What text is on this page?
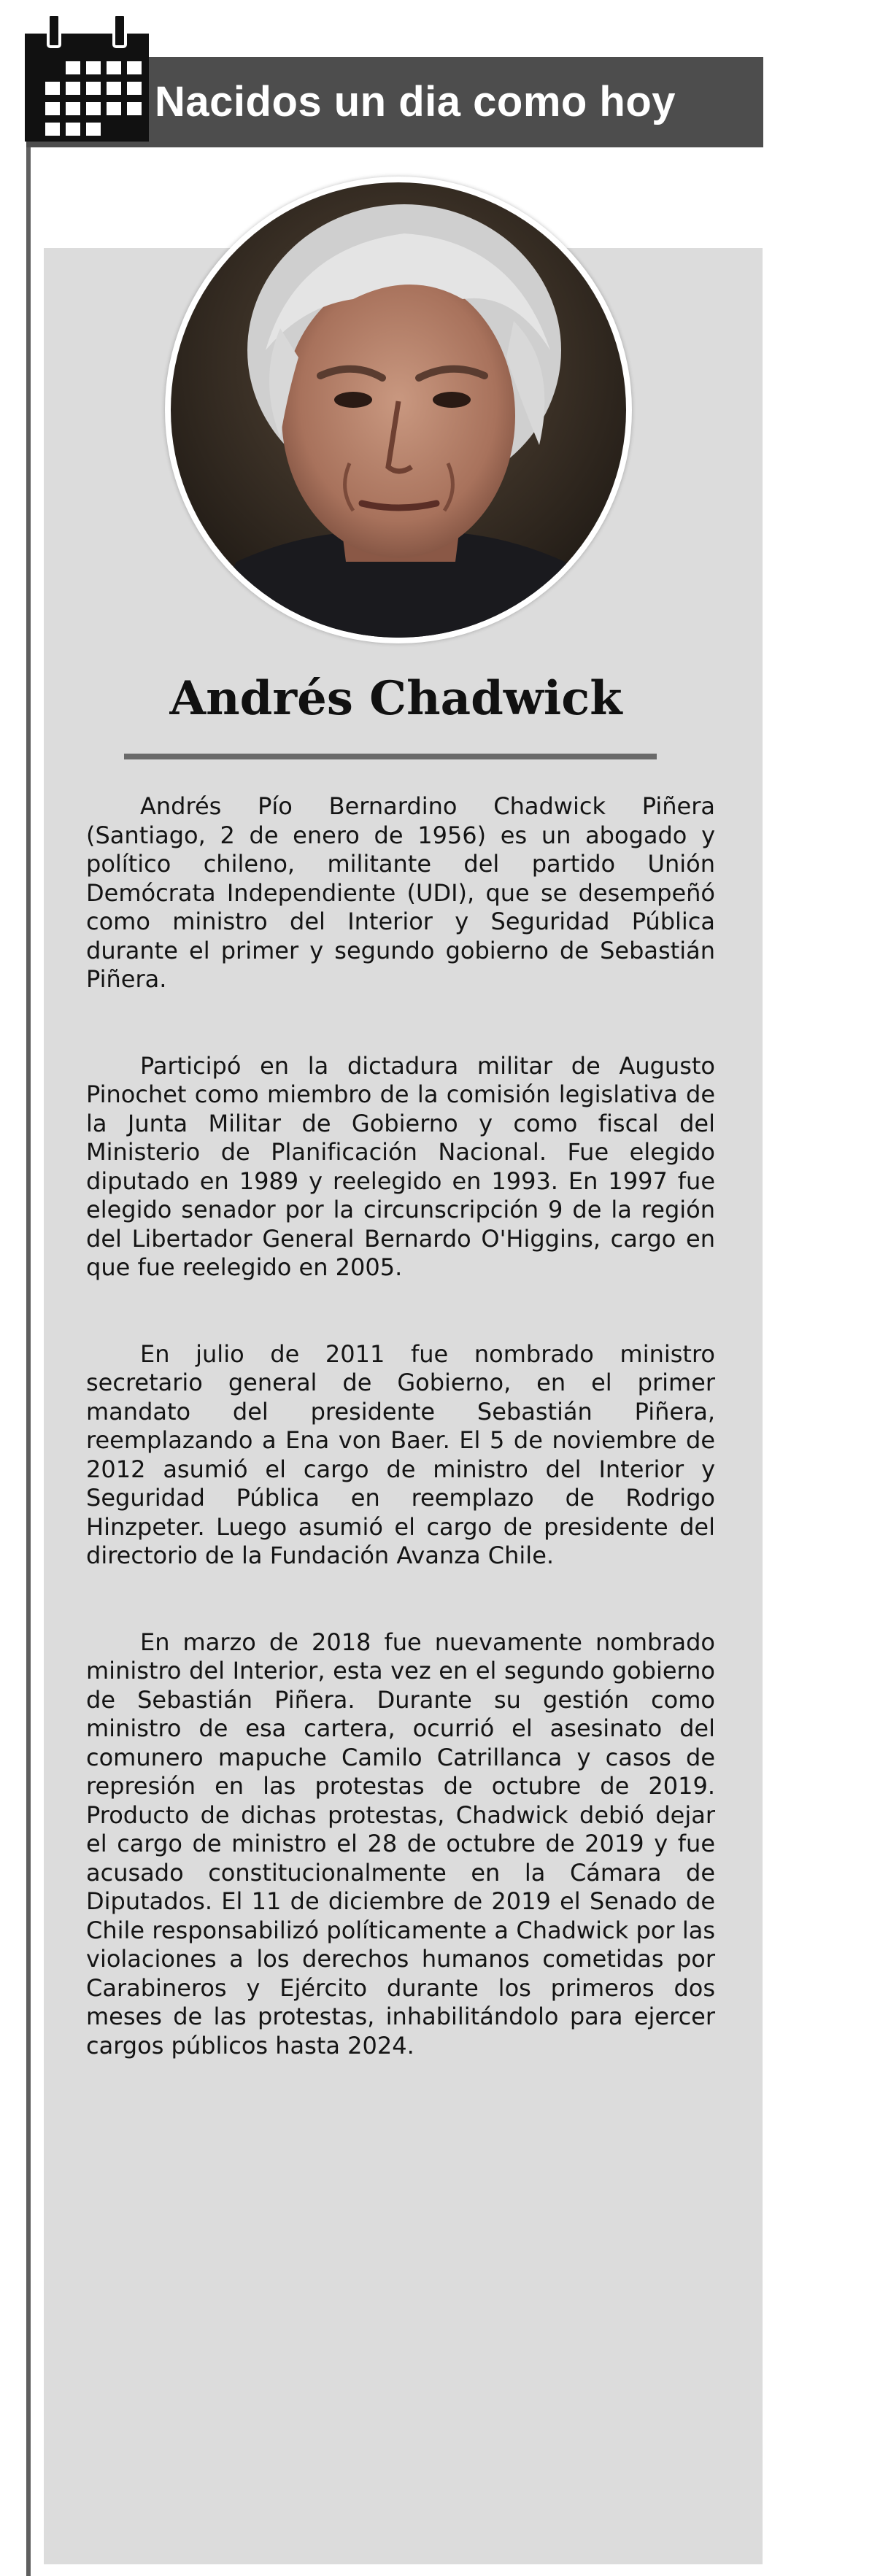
Nacidos un dia como hoy
Andrés Chadwick

Andrés Pío Bernardino Chadwick Piñera (Santiago, 2 de enero de 1956) es un abogado y político chileno, militante del partido Unión Demócrata Independiente (UDI), que se desempeñó como ministro del Interior y Seguridad Pública durante el primer y segundo gobierno de Sebastián Piñera.

Participó en la dictadura militar de Augusto Pinochet como miembro de la comisión legislativa de la Junta Militar de Gobierno y como fiscal del Ministerio de Planificación Nacional. Fue elegido diputado en 1989 y reelegido en 1993. En 1997 fue elegido senador por la circunscripción 9 de la región del Libertador General Bernardo O'Higgins, cargo en que fue reelegido en 2005.

En julio de 2011 fue nombrado ministro secretario general de Gobierno, en el primer mandato del presidente Sebastián Piñera, reemplazando a Ena von Baer. El 5 de noviembre de 2012 asumió el cargo de ministro del Interior y Seguridad Pública en reemplazo de Rodrigo Hinzpeter. Luego asumió el cargo de presidente del directorio de la Fundación Avanza Chile.

En marzo de 2018 fue nuevamente nombrado ministro del Interior, esta vez en el segundo gobierno de Sebastián Piñera. Durante su gestión como ministro de esa cartera, ocurrió el asesinato del comunero mapuche Camilo Catrillanca y casos de represión en las protestas de octubre de 2019. Producto de dichas protestas, Chadwick debió dejar el cargo de ministro el 28 de octubre de 2019 y fue acusado constitucionalmente en la Cámara de Diputados. El 11 de diciembre de 2019 el Senado de Chile responsabilizó políticamente a Chadwick por las violaciones a los derechos humanos cometidas por Carabineros y Ejército durante los primeros dos meses de las protestas, inhabilitándolo para ejercer cargos públicos hasta 2024.
